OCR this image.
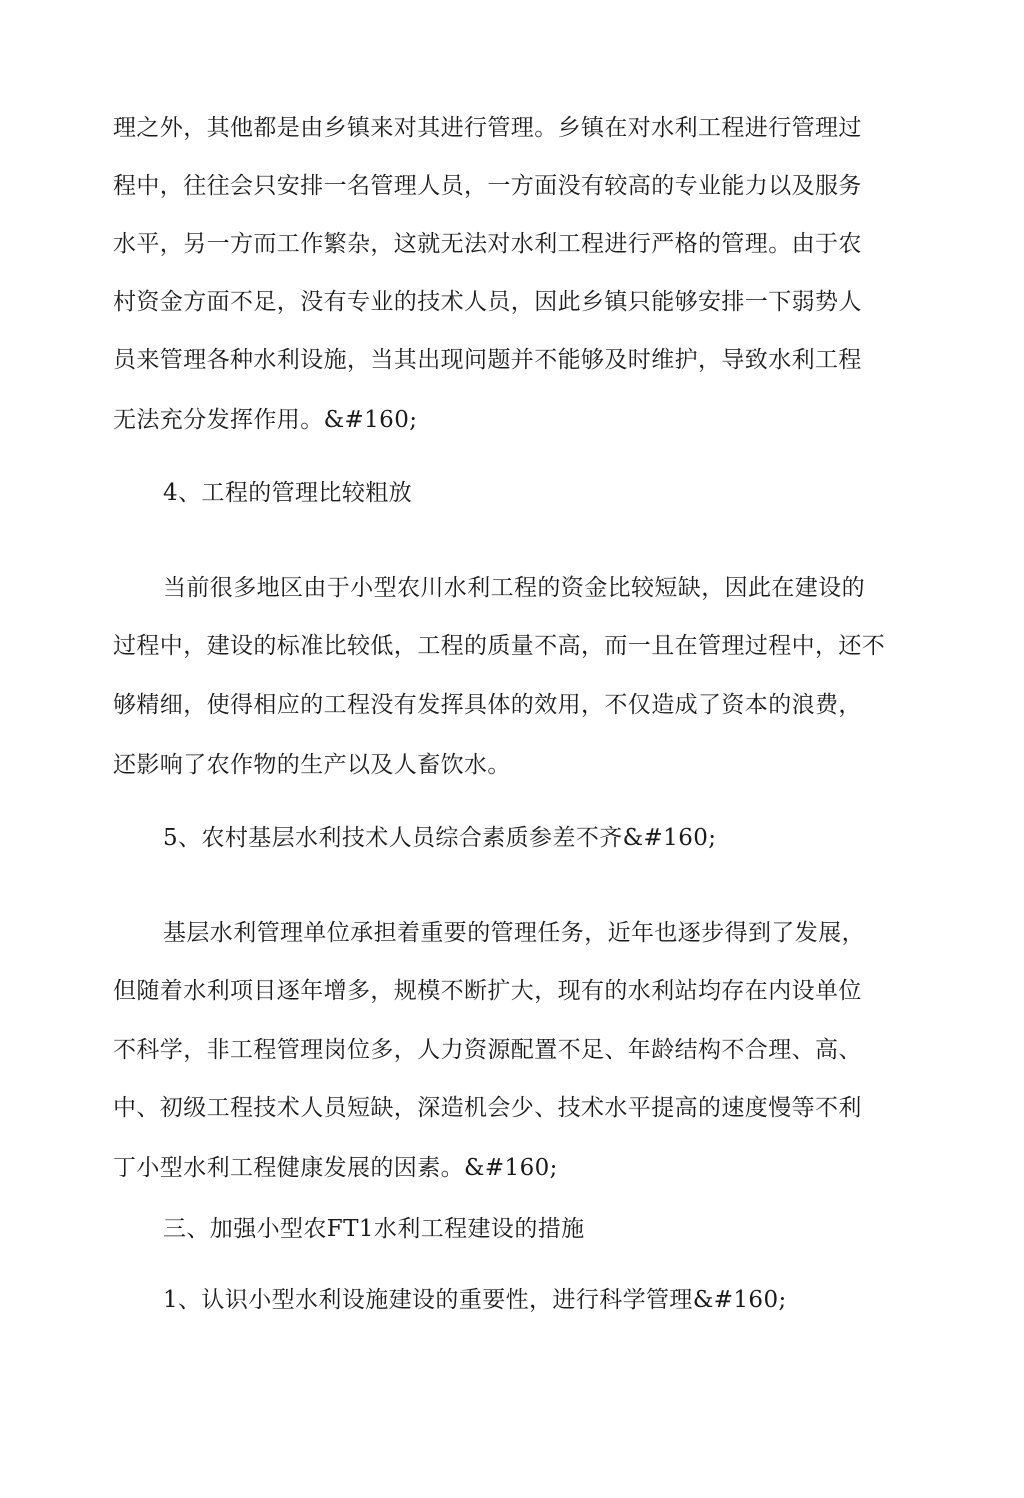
理之外，其他都是由乡镇来对其进行管理。乡镇在对水利工程进行管理过
程中，往往会只安排一名管理人员，一方面没有较高的专业能力以及服务
水平，另一方而工作繁杂，这就无法对水利工程进行严格的管理。由于农
村资金方面不足，没有专业的技术人员，因此乡镇只能够安排一下弱势人
员来管理各种水利设施，当其出现问题并不能够及时维护，导致水利工程
无法充分发挥作用。&#160;
4、工程的管理比较粗放
当前很多地区由于小型农川水利工程的资金比较短缺，因此在建设的
过程中，建设的标准比较低，工程的质量不高，而一且在管理过程中，还不
够精细，使得相应的工程没有发挥具体的效用，不仅造成了资本的浪费，
还影响了农作物的生产以及人畜饮水。
5、农村基层水利技术人员综合素质参差不齐&#160;
基层水利管理单位承担着重要的管理任务，近年也逐步得到了发展，
但随着水利项目逐年增多，规模不断扩大，现有的水利站均存在内设单位
不科学，非工程管理岗位多，人力资源配置不足、年龄结构不合理、高、
中、初级工程技术人员短缺，深造机会少、技术水平提高的速度慢等不利
丁小型水利工程健康发展的因素。&#160;
三、加强小型农FT1水利工程建设的措施
1、认识小型水利设施建设的重要性，进行科学管理&#160;
